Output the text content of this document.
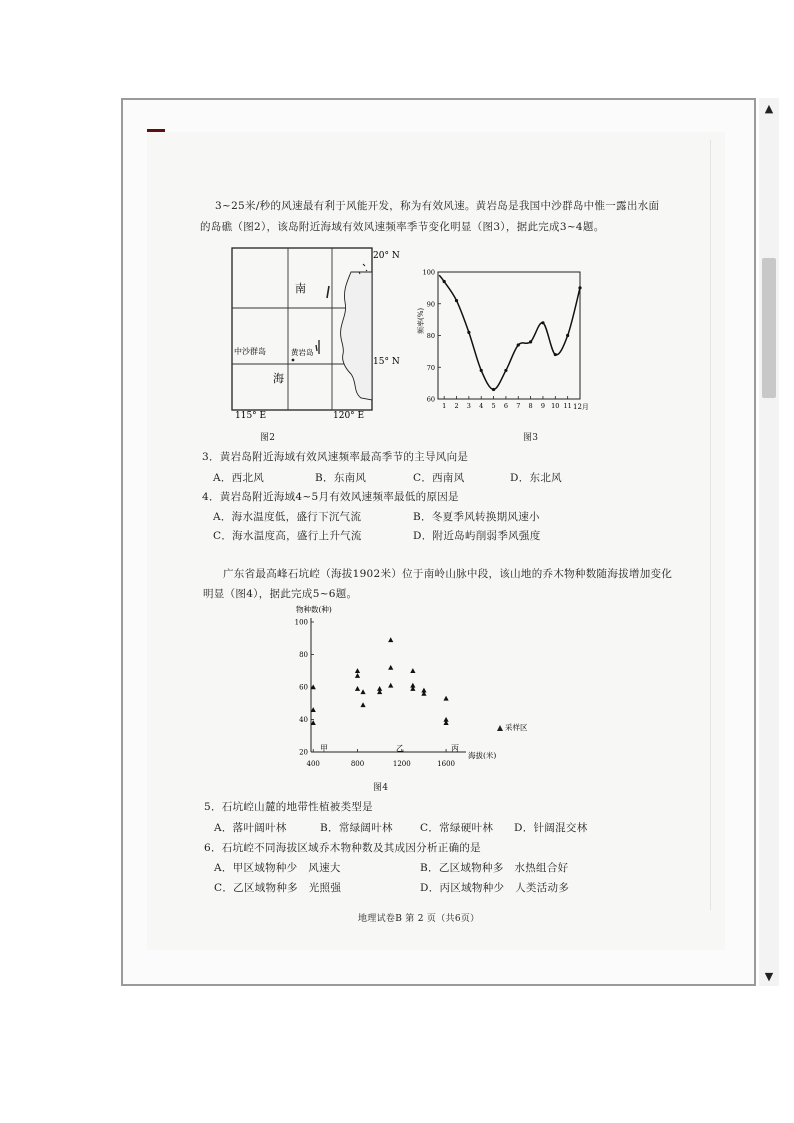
▲
▼
3~25米/秒的风速最有利于风能开发，称为有效风速。黄岩岛是我国中沙群岛中惟一露出水面
的岛礁（图2），该岛附近海域有效风速频率季节变化明显（图3），据此完成3~4题。
南
海
中沙群岛	黄岩岛
20° N
15° N
115° E	120° E
图2
频率(%)
12月
60
70
80
90
100
1 2 3 4 5 6 7 8 9 10 11
图3
3．黄岩岛附近海域有效风速频率最高季节的主导风向是
A．西北风	B．东南风	C．西南风	D．东北风
4．黄岩岛附近海域4~5月有效风速频率最低的原因是
A．海水温度低，盛行下沉气流	B．冬夏季风转换期风速小
C．海水温度高，盛行上升气流	D．附近岛屿削弱季风强度
广东省最高峰石坑崆（海拔1902米）位于南岭山脉中段，该山地的乔木物种数随海拔增加变化
明显（图4），据此完成5~6题。
物种数(种)
海拔(米)
采样区
甲	乙	丙
20
40
60
80
100
400	800	1200	1600
图4
5．石坑崆山麓的地带性植被类型是
A．落叶阔叶林	B．常绿阔叶林	C．常绿硬叶林 D．针阔混交林
6．石坑崆不同海拔区域乔木物种数及其成因分析正确的是
A．甲区域物种少　风速大	B．乙区域物种多　水热组合好
C．乙区域物种多　光照强	D．丙区域物种少　人类活动多
地理试卷B 第 2 页（共6页）
